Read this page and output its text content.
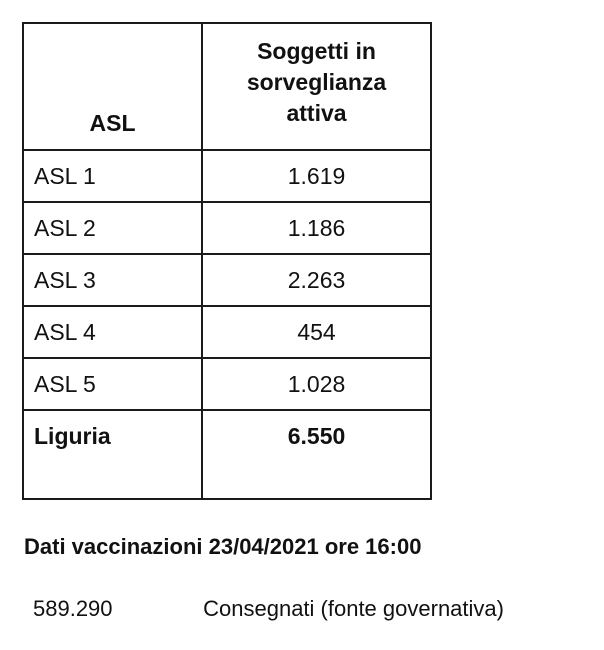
ASL	Soggetti in
sorveglianza
attiva
ASL 1	1.619
ASL 2	1.186
ASL 3	2.263
ASL 4	454
ASL 5	1.028
Liguria	6.550
Dati vaccinazioni 23/04/2021 ore 16:00
589.290	Consegnati (fonte governativa)
